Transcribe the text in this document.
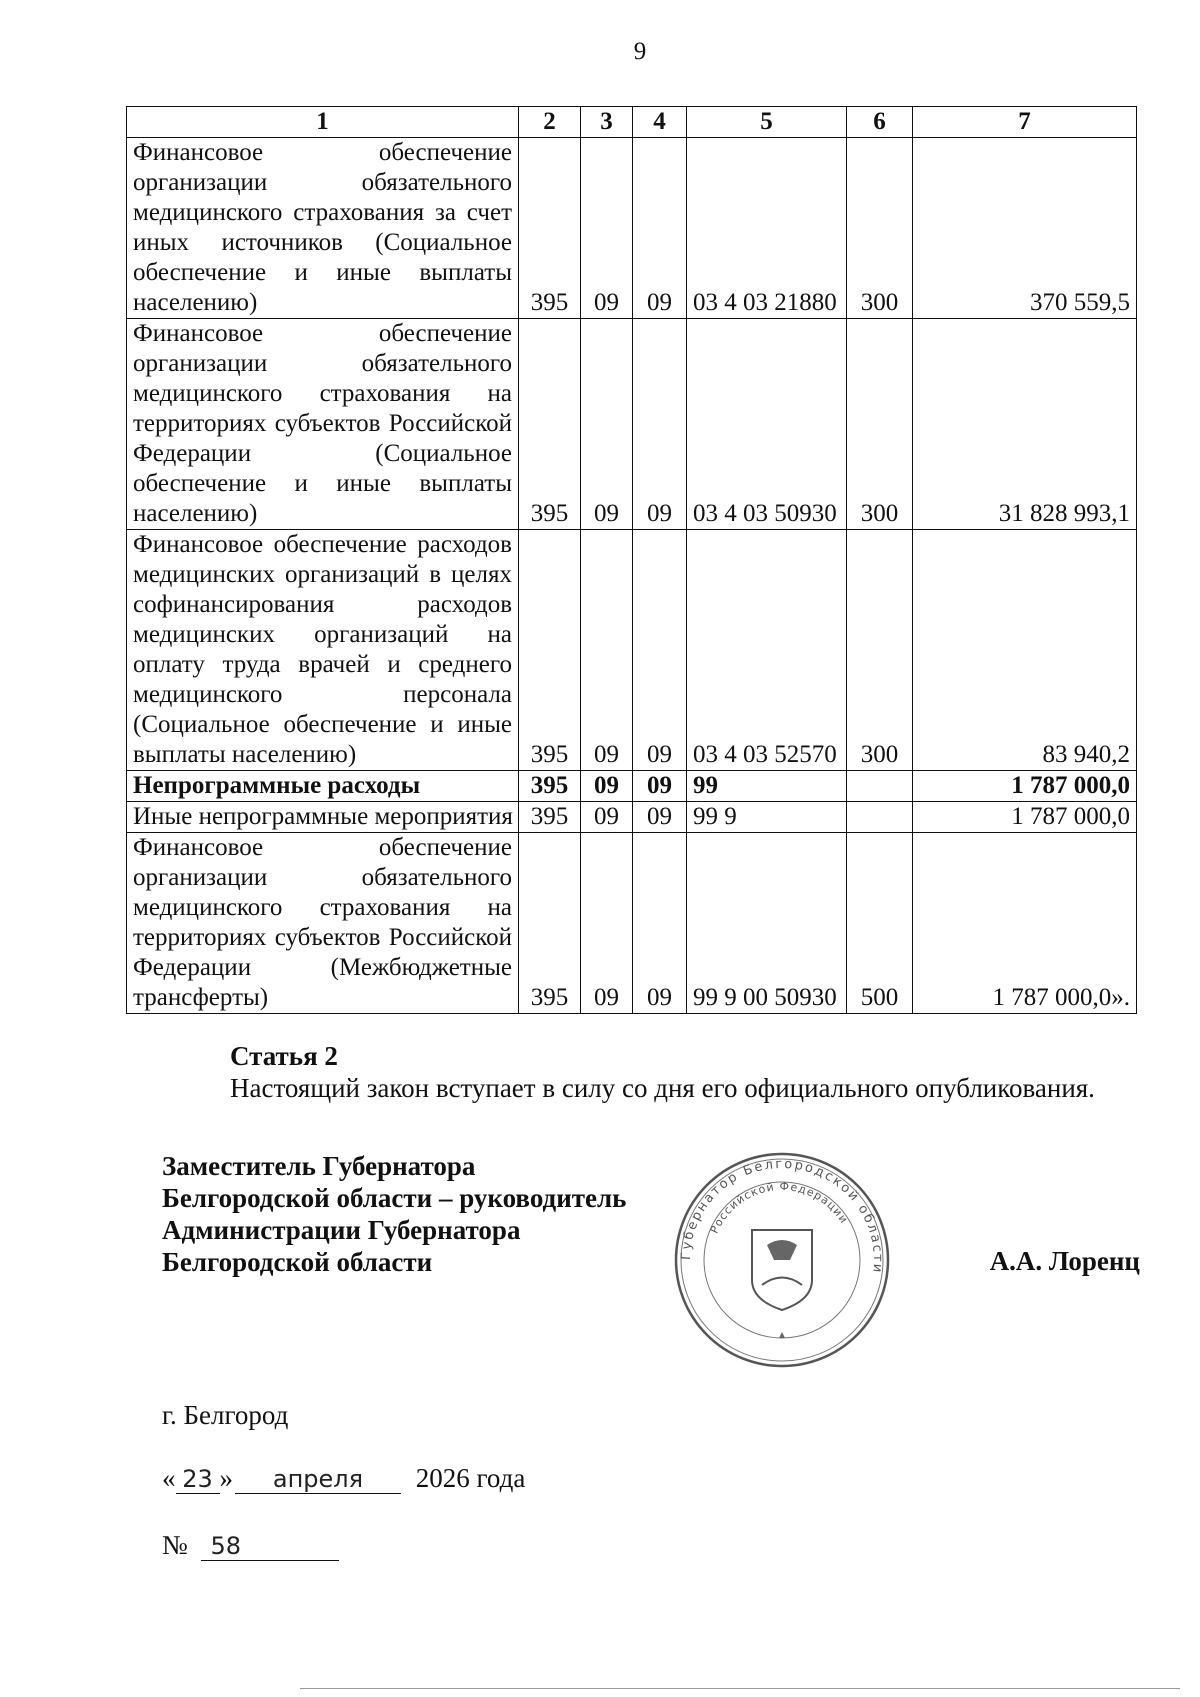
9
1	2	3	4	5	6	7
Финансовое обеспечение организации обязательного медицинского страхования за счет иных источников (Социальное обеспечение и иные выплаты населению)	395	09	09	03 4 03 21880	300	370 559,5
Финансовое обеспечение организации обязательного медицинского страхования на территориях субъектов Российской Федерации (Социальное обеспечение и иные выплаты населению)	395	09	09	03 4 03 50930	300	31 828 993,1
Финансовое обеспечение расходов медицинских организаций в целях софинансирования расходов медицинских организаций на оплату труда врачей и среднего медицинского персонала (Социальное обеспечение и иные выплаты населению)	395	09	09	03 4 03 52570	300	83 940,2
Непрограммные расходы	395	09	09	99		1 787 000,0
Иные непрограммные мероприятия	395	09	09	99 9		1 787 000,0
Финансовое обеспечение организации обязательного медицинского страхования на территориях субъектов Российской Федерации (Межбюджетные трансферты)	395	09	09	99 9 00 50930	500	1 787 000,0».
Статья 2
Настоящий закон вступает в силу со дня его официального опубликования.
Заместитель Губернатора
Белгородской области – руководитель
Администрации Губернатора
Белгородской области	Губернатор Белгородской области
Российской Федерации
А.А. Лоренц
г. Белгород
« 23 » апреля 2026 года
№ 58
